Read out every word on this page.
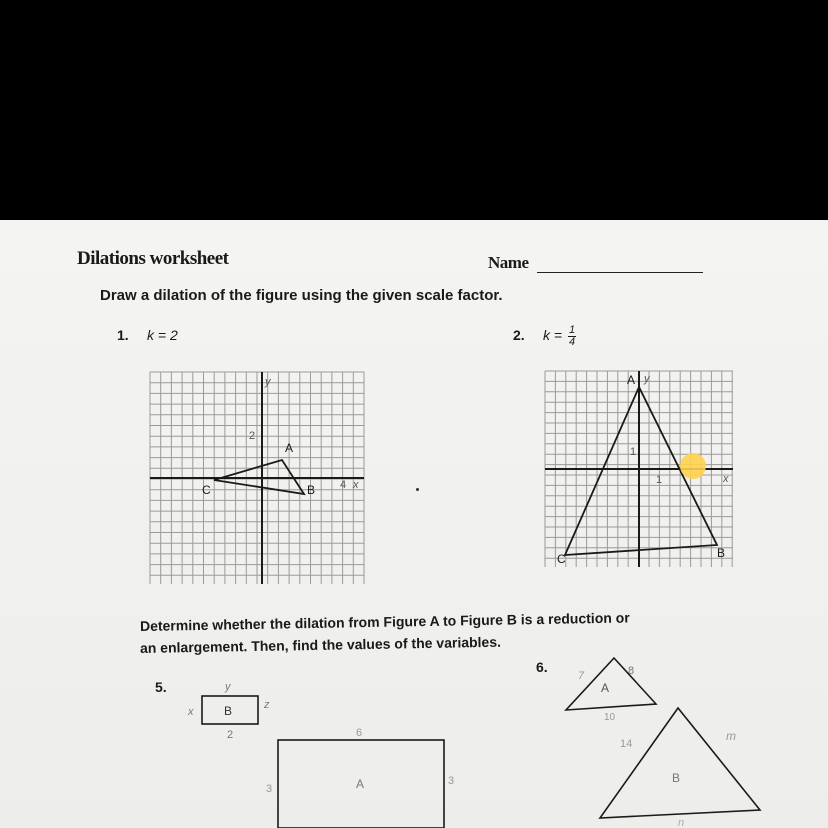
Dilations worksheet	Name
Draw a dilation of the figure using the given scale factor.
1. k = 2	2. $k = \frac{1}{4}$
y
2
A
C	B 4 x
A y
1
1	x
C	B
Determine whether the dilation from Figure A to Figure B is a reduction or
an enlargement. Then, find the values of the variables.
5.	y
x	B	z
2	6
3	A	3
6.
7	8
A
10
14
m
B
n
